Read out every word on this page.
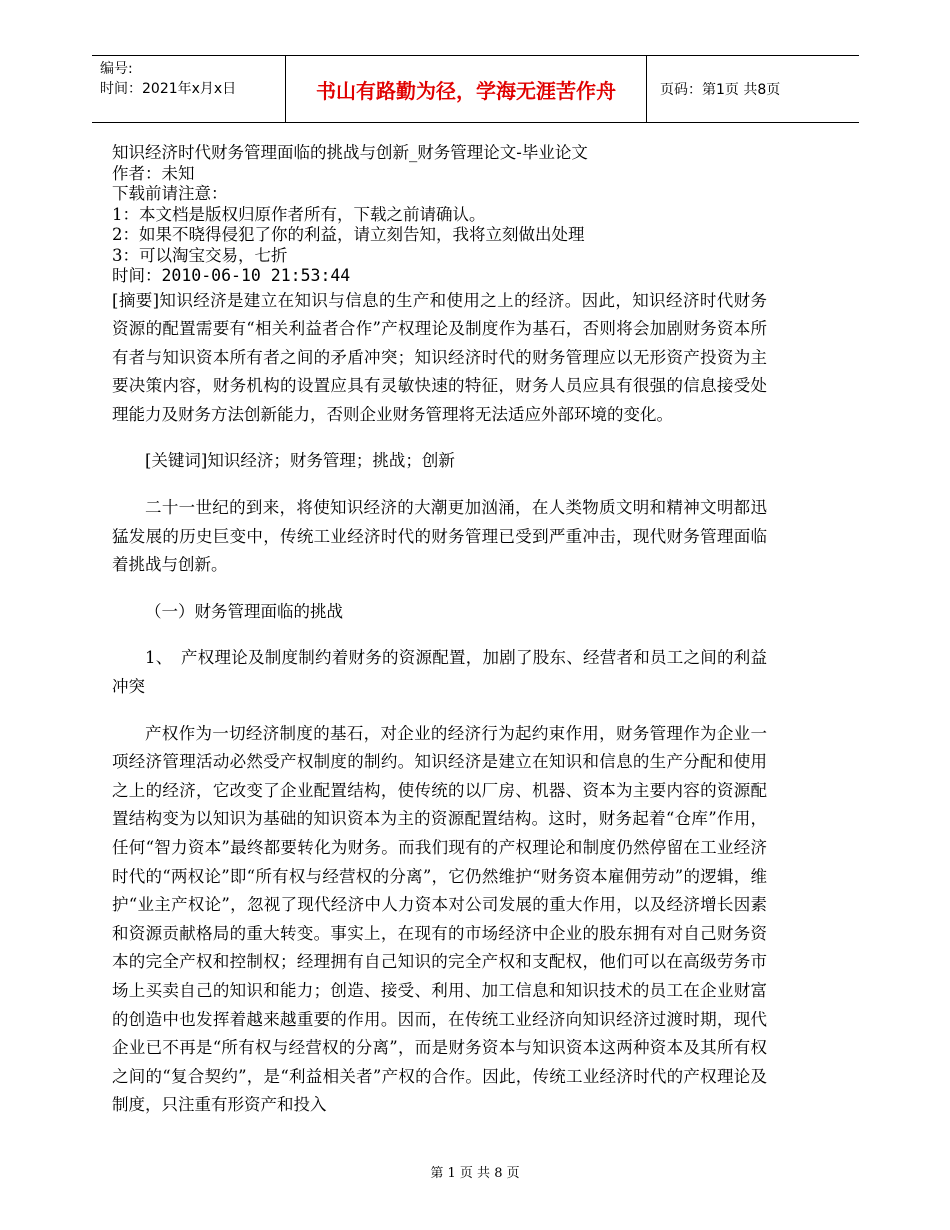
编号:
时间：2021年x月x日	书山有路勤为径，学海无涯苦作舟	页码：第1页 共8页
知识经济时代财务管理面临的挑战与创新_财务管理论文-毕业论文
作者：未知
下载前请注意：
1：本文档是版权归原作者所有，下载之前请确认。
2：如果不晓得侵犯了你的利益，请立刻告知，我将立刻做出处理
3：可以淘宝交易，七折
时间：2010-06-10 21:53:44

[摘要]知识经济是建立在知识与信息的生产和使用之上的经济。因此，知识经济时代财务资源的配置需要有“相关利益者合作”产权理论及制度作为基石，否则将会加剧财务资本所有者与知识资本所有者之间的矛盾冲突；知识经济时代的财务管理应以无形资产投资为主要决策内容，财务机构的设置应具有灵敏快速的特征，财务人员应具有很强的信息接受处理能力及财务方法创新能力，否则企业财务管理将无法适应外部环境的变化。

[关键词]知识经济；财务管理；挑战；创新

二十一世纪的到来，将使知识经济的大潮更加汹涌，在人类物质文明和精神文明都迅猛发展的历史巨变中，传统工业经济时代的财务管理已受到严重冲击，现代财务管理面临着挑战与创新。

（一）财务管理面临的挑战

1、　产权理论及制度制约着财务的资源配置，加剧了股东、经营者和员工之间的利益冲突

产权作为一切经济制度的基石，对企业的经济行为起约束作用，财务管理作为企业一项经济管理活动必然受产权制度的制约。知识经济是建立在知识和信息的生产分配和使用之上的经济，它改变了企业配置结构，使传统的以厂房、机器、资本为主要内容的资源配置结构变为以知识为基础的知识资本为主的资源配置结构。这时，财务起着“仓库”作用，任何“智力资本”最终都要转化为财务。而我们现有的产权理论和制度仍然停留在工业经济时代的“两权论”即“所有权与经营权的分离”，它仍然维护“财务资本雇佣劳动”的逻辑，维护“业主产权论”，忽视了现代经济中人力资本对公司发展的重大作用，以及经济增长因素和资源贡献格局的重大转变。事实上，在现有的市场经济中企业的股东拥有对自己财务资本的完全产权和控制权；经理拥有自己知识的完全产权和支配权，他们可以在高级劳务市场上买卖自己的知识和能力；创造、接受、利用、加工信息和知识技术的员工在企业财富的创造中也发挥着越来越重要的作用。因而，在传统工业经济向知识经济过渡时期，现代企业已不再是“所有权与经营权的分离”，而是财务资本与知识资本这两种资本及其所有权之间的“复合契约”，是“利益相关者”产权的合作。因此，传统工业经济时代的产权理论及制度，只注重有形资产和投入

第 1 页 共 8 页
